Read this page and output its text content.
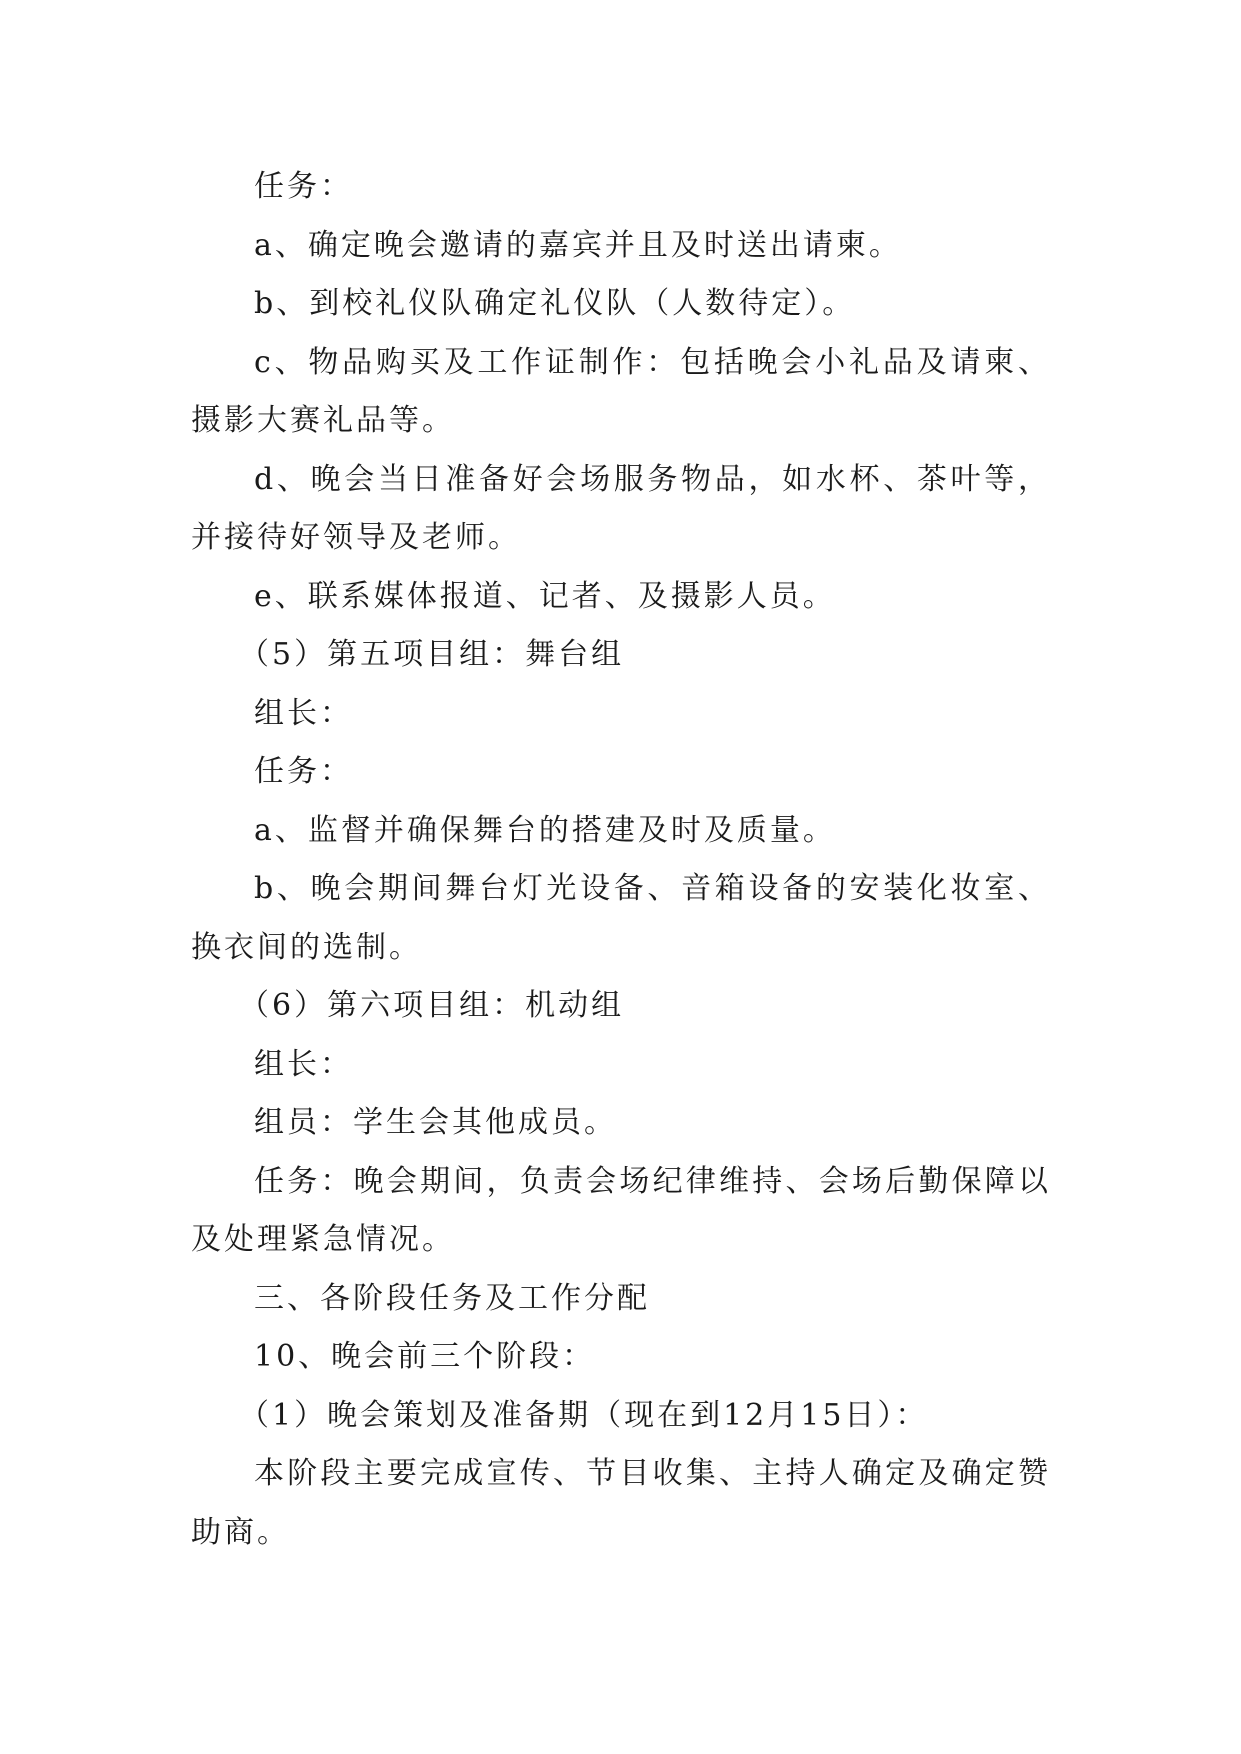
任务：

a、确定晚会邀请的嘉宾并且及时送出请柬。

b、到校礼仪队确定礼仪队（人数待定）。

c、物品购买及工作证制作：包括晚会小礼品及请柬、摄影大赛礼品等。

d、晚会当日准备好会场服务物品，如水杯、茶叶等，并接待好领导及老师。

e、联系媒体报道、记者、及摄影人员。

（5）第五项目组：舞台组

组长：

任务：

a、监督并确保舞台的搭建及时及质量。

b、晚会期间舞台灯光设备、音箱设备的安装化妆室、换衣间的选制。

（6）第六项目组：机动组

组长：

组员：学生会其他成员。

任务：晚会期间，负责会场纪律维持、会场后勤保障以及处理紧急情况。

三、各阶段任务及工作分配

10、晚会前三个阶段：

（1）晚会策划及准备期（现在到12月15日）：

本阶段主要完成宣传、节目收集、主持人确定及确定赞助商。
